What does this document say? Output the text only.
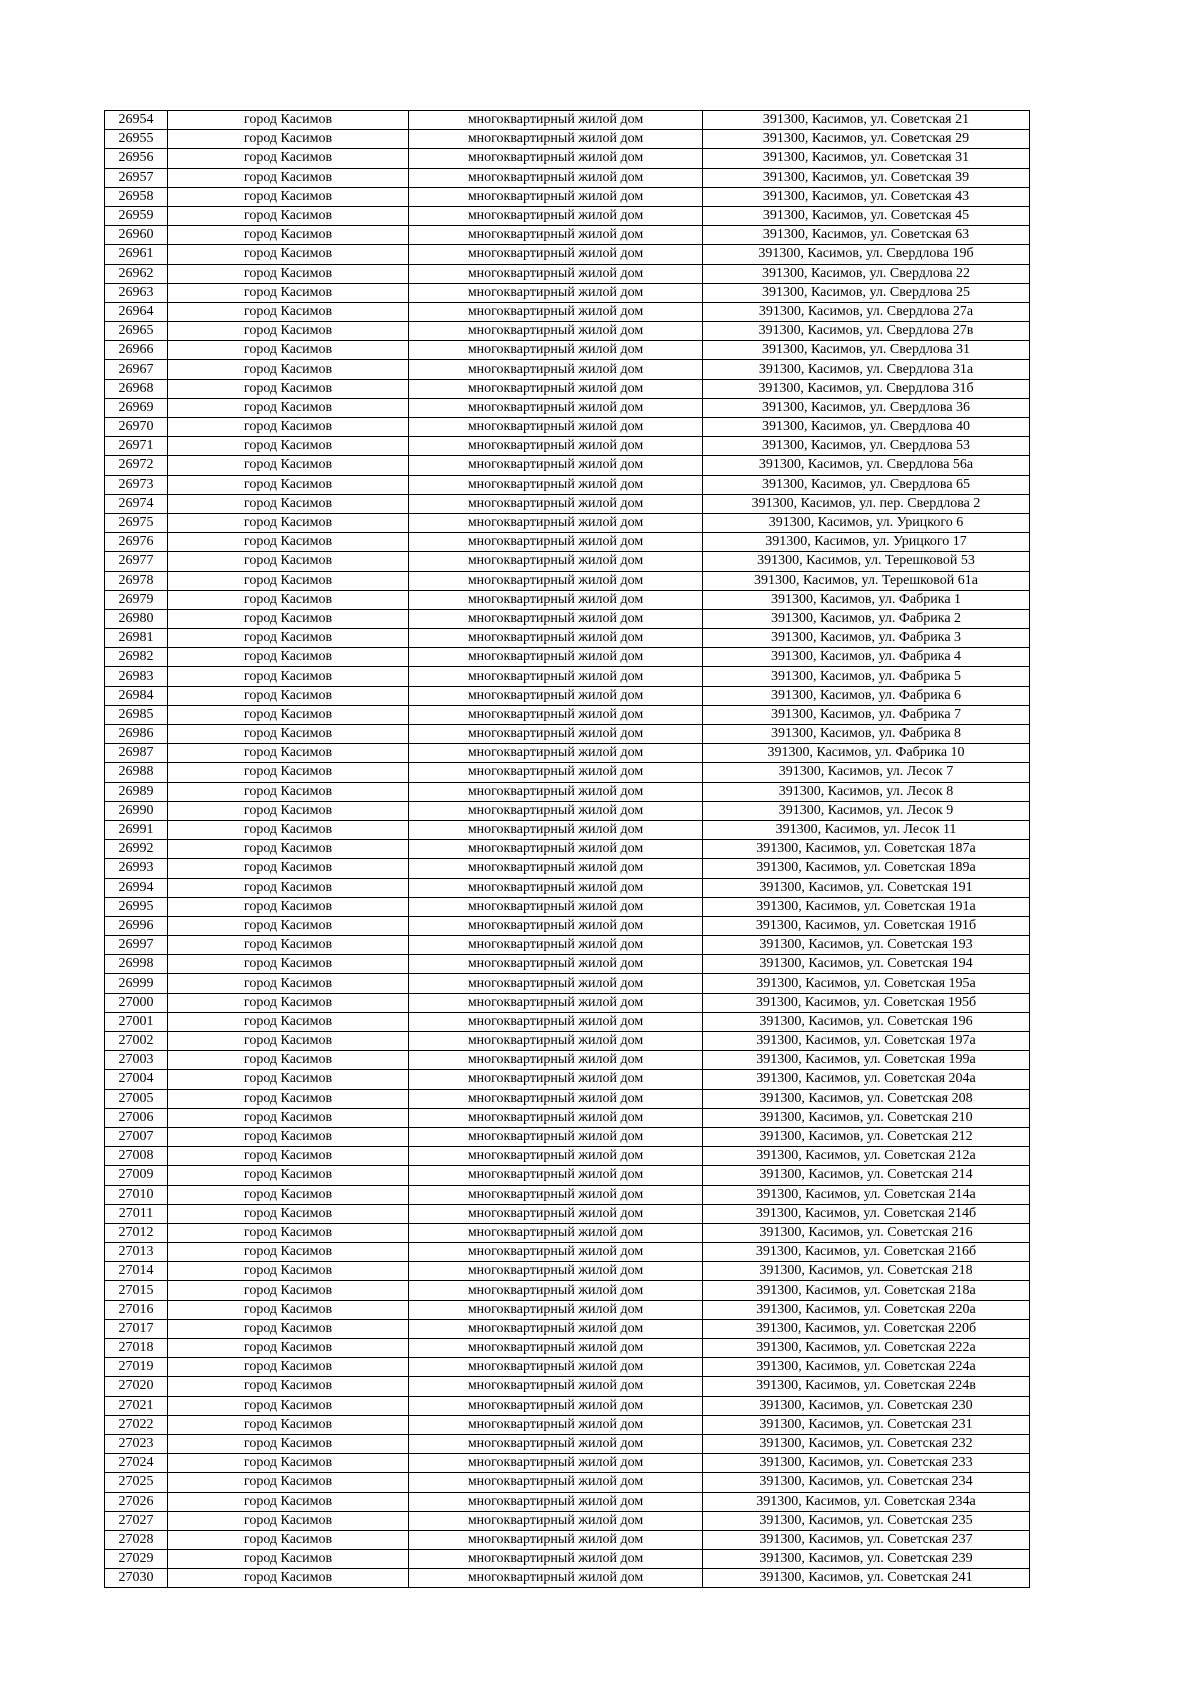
26954	город Касимов	многоквартирный жилой дом	391300, Касимов, ул. Советская 21
26955	город Касимов	многоквартирный жилой дом	391300, Касимов, ул. Советская 29
26956	город Касимов	многоквартирный жилой дом	391300, Касимов, ул. Советская 31
26957	город Касимов	многоквартирный жилой дом	391300, Касимов, ул. Советская 39
26958	город Касимов	многоквартирный жилой дом	391300, Касимов, ул. Советская 43
26959	город Касимов	многоквартирный жилой дом	391300, Касимов, ул. Советская 45
26960	город Касимов	многоквартирный жилой дом	391300, Касимов, ул. Советская 63
26961	город Касимов	многоквартирный жилой дом	391300, Касимов, ул. Свердлова 19б
26962	город Касимов	многоквартирный жилой дом	391300, Касимов, ул. Свердлова 22
26963	город Касимов	многоквартирный жилой дом	391300, Касимов, ул. Свердлова 25
26964	город Касимов	многоквартирный жилой дом	391300, Касимов, ул. Свердлова 27а
26965	город Касимов	многоквартирный жилой дом	391300, Касимов, ул. Свердлова 27в
26966	город Касимов	многоквартирный жилой дом	391300, Касимов, ул. Свердлова 31
26967	город Касимов	многоквартирный жилой дом	391300, Касимов, ул. Свердлова 31а
26968	город Касимов	многоквартирный жилой дом	391300, Касимов, ул. Свердлова 31б
26969	город Касимов	многоквартирный жилой дом	391300, Касимов, ул. Свердлова 36
26970	город Касимов	многоквартирный жилой дом	391300, Касимов, ул. Свердлова 40
26971	город Касимов	многоквартирный жилой дом	391300, Касимов, ул. Свердлова 53
26972	город Касимов	многоквартирный жилой дом	391300, Касимов, ул. Свердлова 56а
26973	город Касимов	многоквартирный жилой дом	391300, Касимов, ул. Свердлова 65
26974	город Касимов	многоквартирный жилой дом	391300, Касимов, ул. пер. Свердлова 2
26975	город Касимов	многоквартирный жилой дом	391300, Касимов, ул. Урицкого 6
26976	город Касимов	многоквартирный жилой дом	391300, Касимов, ул. Урицкого 17
26977	город Касимов	многоквартирный жилой дом	391300, Касимов, ул. Терешковой 53
26978	город Касимов	многоквартирный жилой дом	391300, Касимов, ул. Терешковой 61а
26979	город Касимов	многоквартирный жилой дом	391300, Касимов, ул. Фабрика 1
26980	город Касимов	многоквартирный жилой дом	391300, Касимов, ул. Фабрика 2
26981	город Касимов	многоквартирный жилой дом	391300, Касимов, ул. Фабрика 3
26982	город Касимов	многоквартирный жилой дом	391300, Касимов, ул. Фабрика 4
26983	город Касимов	многоквартирный жилой дом	391300, Касимов, ул. Фабрика 5
26984	город Касимов	многоквартирный жилой дом	391300, Касимов, ул. Фабрика 6
26985	город Касимов	многоквартирный жилой дом	391300, Касимов, ул. Фабрика 7
26986	город Касимов	многоквартирный жилой дом	391300, Касимов, ул. Фабрика 8
26987	город Касимов	многоквартирный жилой дом	391300, Касимов, ул. Фабрика 10
26988	город Касимов	многоквартирный жилой дом	391300, Касимов, ул. Лесок 7
26989	город Касимов	многоквартирный жилой дом	391300, Касимов, ул. Лесок 8
26990	город Касимов	многоквартирный жилой дом	391300, Касимов, ул. Лесок 9
26991	город Касимов	многоквартирный жилой дом	391300, Касимов, ул. Лесок 11
26992	город Касимов	многоквартирный жилой дом	391300, Касимов, ул. Советская 187а
26993	город Касимов	многоквартирный жилой дом	391300, Касимов, ул. Советская 189а
26994	город Касимов	многоквартирный жилой дом	391300, Касимов, ул. Советская 191
26995	город Касимов	многоквартирный жилой дом	391300, Касимов, ул. Советская 191а
26996	город Касимов	многоквартирный жилой дом	391300, Касимов, ул. Советская 191б
26997	город Касимов	многоквартирный жилой дом	391300, Касимов, ул. Советская 193
26998	город Касимов	многоквартирный жилой дом	391300, Касимов, ул. Советская 194
26999	город Касимов	многоквартирный жилой дом	391300, Касимов, ул. Советская 195а
27000	город Касимов	многоквартирный жилой дом	391300, Касимов, ул. Советская 195б
27001	город Касимов	многоквартирный жилой дом	391300, Касимов, ул. Советская 196
27002	город Касимов	многоквартирный жилой дом	391300, Касимов, ул. Советская 197а
27003	город Касимов	многоквартирный жилой дом	391300, Касимов, ул. Советская 199а
27004	город Касимов	многоквартирный жилой дом	391300, Касимов, ул. Советская 204а
27005	город Касимов	многоквартирный жилой дом	391300, Касимов, ул. Советская 208
27006	город Касимов	многоквартирный жилой дом	391300, Касимов, ул. Советская 210
27007	город Касимов	многоквартирный жилой дом	391300, Касимов, ул. Советская 212
27008	город Касимов	многоквартирный жилой дом	391300, Касимов, ул. Советская 212а
27009	город Касимов	многоквартирный жилой дом	391300, Касимов, ул. Советская 214
27010	город Касимов	многоквартирный жилой дом	391300, Касимов, ул. Советская 214а
27011	город Касимов	многоквартирный жилой дом	391300, Касимов, ул. Советская 214б
27012	город Касимов	многоквартирный жилой дом	391300, Касимов, ул. Советская 216
27013	город Касимов	многоквартирный жилой дом	391300, Касимов, ул. Советская 216б
27014	город Касимов	многоквартирный жилой дом	391300, Касимов, ул. Советская 218
27015	город Касимов	многоквартирный жилой дом	391300, Касимов, ул. Советская 218а
27016	город Касимов	многоквартирный жилой дом	391300, Касимов, ул. Советская 220а
27017	город Касимов	многоквартирный жилой дом	391300, Касимов, ул. Советская 220б
27018	город Касимов	многоквартирный жилой дом	391300, Касимов, ул. Советская 222а
27019	город Касимов	многоквартирный жилой дом	391300, Касимов, ул. Советская 224а
27020	город Касимов	многоквартирный жилой дом	391300, Касимов, ул. Советская 224в
27021	город Касимов	многоквартирный жилой дом	391300, Касимов, ул. Советская 230
27022	город Касимов	многоквартирный жилой дом	391300, Касимов, ул. Советская 231
27023	город Касимов	многоквартирный жилой дом	391300, Касимов, ул. Советская 232
27024	город Касимов	многоквартирный жилой дом	391300, Касимов, ул. Советская 233
27025	город Касимов	многоквартирный жилой дом	391300, Касимов, ул. Советская 234
27026	город Касимов	многоквартирный жилой дом	391300, Касимов, ул. Советская 234а
27027	город Касимов	многоквартирный жилой дом	391300, Касимов, ул. Советская 235
27028	город Касимов	многоквартирный жилой дом	391300, Касимов, ул. Советская 237
27029	город Касимов	многоквартирный жилой дом	391300, Касимов, ул. Советская 239
27030	город Касимов	многоквартирный жилой дом	391300, Касимов, ул. Советская 241
